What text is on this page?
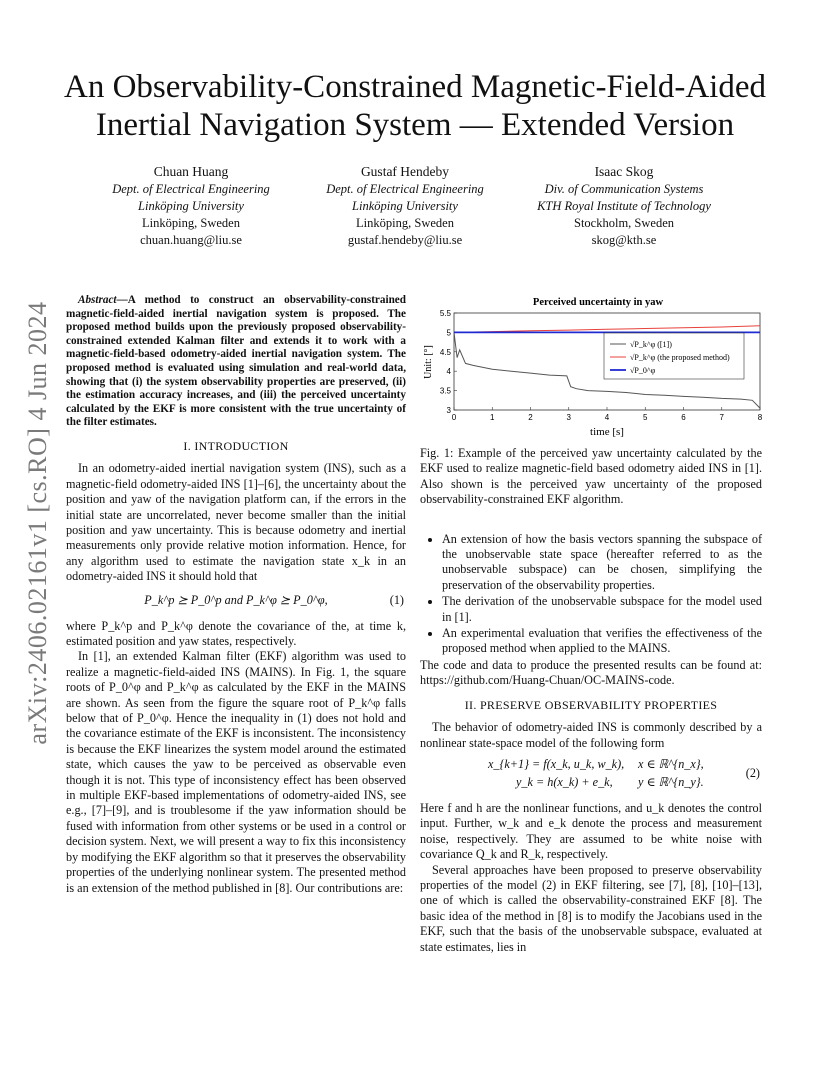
arXiv:2406.02161v1 [cs.RO] 4 Jun 2024
An Observability-Constrained Magnetic-Field-Aided
Inertial Navigation System — Extended Version
Chuan Huang
Dept. of Electrical Engineering
Linköping University
Linköping, Sweden
chuan.huang@liu.se
Gustaf Hendeby
Dept. of Electrical Engineering
Linköping University
Linköping, Sweden
gustaf.hendeby@liu.se
Isaac Skog
Div. of Communication Systems
KTH Royal Institute of Technology
Stockholm, Sweden
skog@kth.se

Abstract—A method to construct an observability-constrained magnetic-field-aided inertial navigation system is proposed. The proposed method builds upon the previously proposed observability-constrained extended Kalman filter and extends it to work with a magnetic-field-based odometry-aided inertial navigation system. The proposed method is evaluated using simulation and real-world data, showing that (i) the system observability properties are preserved, (ii) the estimation accuracy increases, and (iii) the perceived uncertainty calculated by the EKF is more consistent with the true uncertainty of the filter estimates.

I. INTRODUCTION

In an odometry-aided inertial navigation system (INS), such as a magnetic-field odometry-aided INS [1]–[6], the uncertainty about the position and yaw of the navigation platform can, if the errors in the initial state are uncorrelated, never become smaller than the initial position and yaw uncertainty. This is because odometry and inertial measurements only provide relative motion information. Hence, for any algorithm used to estimate the navigation state x_k in an odometry-aided INS it should hold that

P_k^p ⪰ P_0^p and P_k^φ ⪰ P_0^φ,	(1)

where P_k^p and P_k^φ denote the covariance of the, at time k, estimated position and yaw states, respectively.

In [1], an extended Kalman filter (EKF) algorithm was used to realize a magnetic-field-aided INS (MAINS). In Fig. 1, the square roots of P_0^φ and P_k^φ as calculated by the EKF in the MAINS are shown. As seen from the figure the square root of P_k^φ falls below that of P_0^φ. Hence the inequality in (1) does not hold and the covariance estimate of the EKF is inconsistent. The inconsistency is because the EKF linearizes the system model around the estimated state, which causes the yaw to be perceived as observable even though it is not. This type of inconsistency effect has been observed in multiple EKF-based implementations of odometry-aided INS, see e.g., [7]–[9], and is troublesome if the yaw information should be fused with information from other systems or be used in a control or decision system. Next, we will present a way to fix this inconsistency by modifying the EKF algorithm so that it preserves the observability properties of the underlying nonlinear system. The presented method is an extension of the method published in [8]. Our contributions are:

Perceived uncertainty in yaw
3
3.5
4
4.5
5
5.5
0	1	2	3	4	5	6	7	8
Unit: [°]
time [s]
√P_k^φ ([1])
√P_k^φ (the proposed method)
√P_0^φ

Fig. 1: Example of the perceived yaw uncertainty calculated by the EKF used to realize magnetic-field based odometry aided INS in [1]. Also shown is the perceived yaw uncertainty of the proposed observability-constrained EKF algorithm.

• An extension of how the basis vectors spanning the subspace of the unobservable state space (hereafter referred to as the unobservable subspace) can be chosen, simplifying the preservation of the observability properties.
• The derivation of the unobservable subspace for the model used in [1].
• An experimental evaluation that verifies the effectiveness of the proposed method when applied to the MAINS.

The code and data to produce the presented results can be found at: https://github.com/Huang-Chuan/OC-MAINS-code.

II. PRESERVE OBSERVABILITY PROPERTIES

The behavior of odometry-aided INS is commonly described by a nonlinear state-space model of the following form

x_{k+1} = f(x_k, u_k, w_k), x ∈ ℝ^{n_x},
y_k = h(x_k) + e_k, y ∈ ℝ^{n_y}.
(2)

Here f and h are the nonlinear functions, and u_k denotes the control input. Further, w_k and e_k denote the process and measurement noise, respectively. They are assumed to be white noise with covariance Q_k and R_k, respectively.

Several approaches have been proposed to preserve observability properties of the model (2) in EKF filtering, see [7], [8], [10]–[13], one of which is called the observability-constrained EKF [8]. The basic idea of the method in [8] is to modify the Jacobians used in the EKF, such that the basis of the unobservable subspace, evaluated at state estimates, lies in
